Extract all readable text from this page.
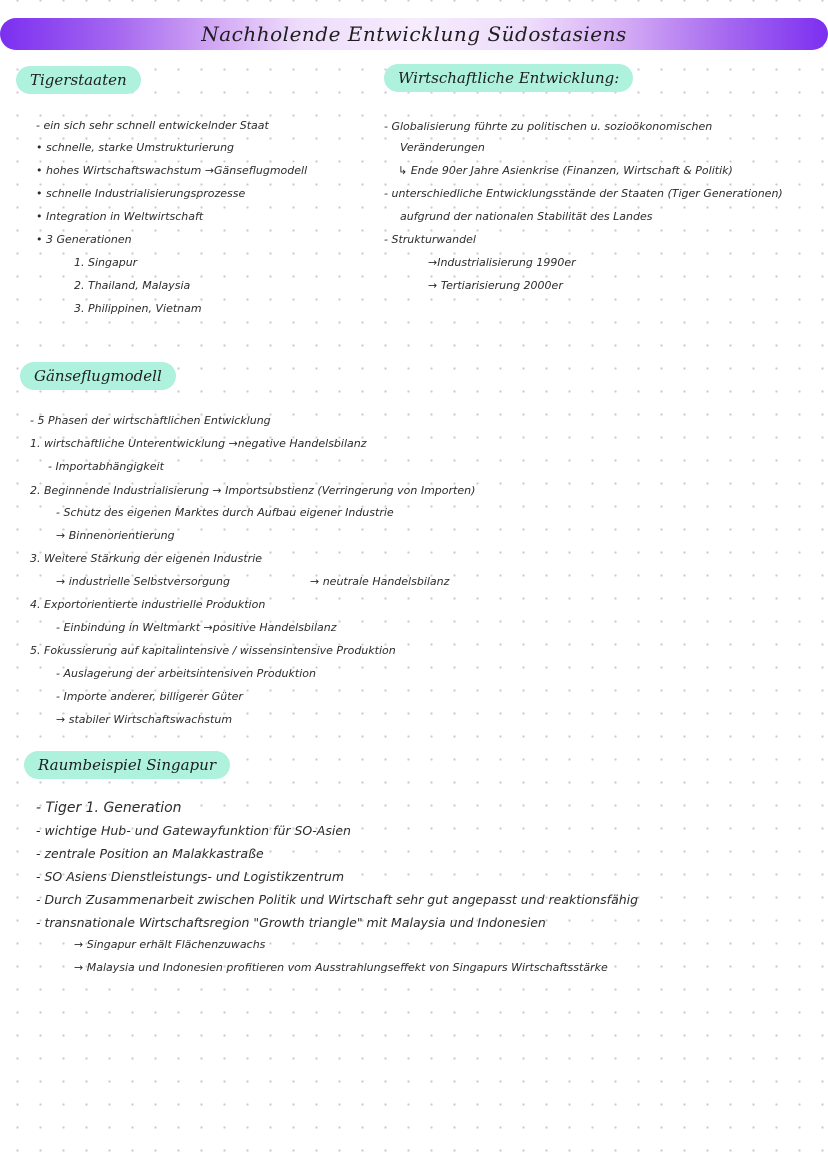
Nachholende Entwicklung Südostasiens
Tigerstaaten
- ein sich sehr schnell entwickelnder Staat
• schnelle, starke Umstrukturierung
• hohes Wirtschaftswachstum →Gänseflugmodell
• schnelle Industrialisierungsprozesse
• Integration in Weltwirtschaft
• 3 Generationen
1. Singapur
2. Thailand, Malaysia
3. Philippinen, Vietnam
Wirtschaftliche Entwicklung:
- Globalisierung führte zu politischen u. sozioökonomischen
Veränderungen
↳ Ende 90er Jahre Asienkrise (Finanzen, Wirtschaft & Politik)
- unterschiedliche Entwicklungsstände der Staaten (Tiger Generationen)
aufgrund der nationalen Stabilität des Landes
- Strukturwandel
→Industrialisierung 1990er
→ Tertiarisierung 2000er
Gänseflugmodell
- 5 Phasen der wirtschaftlichen Entwicklung
1. wirtschaftliche Unterentwicklung →negative Handelsbilanz
- Importabhängigkeit
2. Beginnende Industrialisierung → Importsubstienz (Verringerung von Importen)
- Schutz des eigenen Marktes durch Aufbau eigener Industrie
→ Binnenorientierung
3. Weitere Stärkung der eigenen Industrie
→ industrielle Selbstversorgung	→ neutrale Handelsbilanz
4. Exportorientierte industrielle Produktion
- Einbindung in Weltmarkt →positive Handelsbilanz
5. Fokussierung auf kapitalintensive / wissensintensive Produktion
- Auslagerung der arbeitsintensiven Produktion
- Importe anderer, billigerer Güter
→ stabiler Wirtschaftswachstum
Raumbeispiel Singapur
- Tiger 1. Generation
- wichtige Hub- und Gatewayfunktion für SO-Asien
- zentrale Position an Malakkastraße
- SO Asiens Dienstleistungs- und Logistikzentrum
- Durch Zusammenarbeit zwischen Politik und Wirtschaft sehr gut angepasst und reaktionsfähig
- transnationale Wirtschaftsregion "Growth triangle" mit Malaysia und Indonesien
→ Singapur erhält Flächenzuwachs
→ Malaysia und Indonesien profitieren vom Ausstrahlungseffekt von Singapurs Wirtschaftsstärke
